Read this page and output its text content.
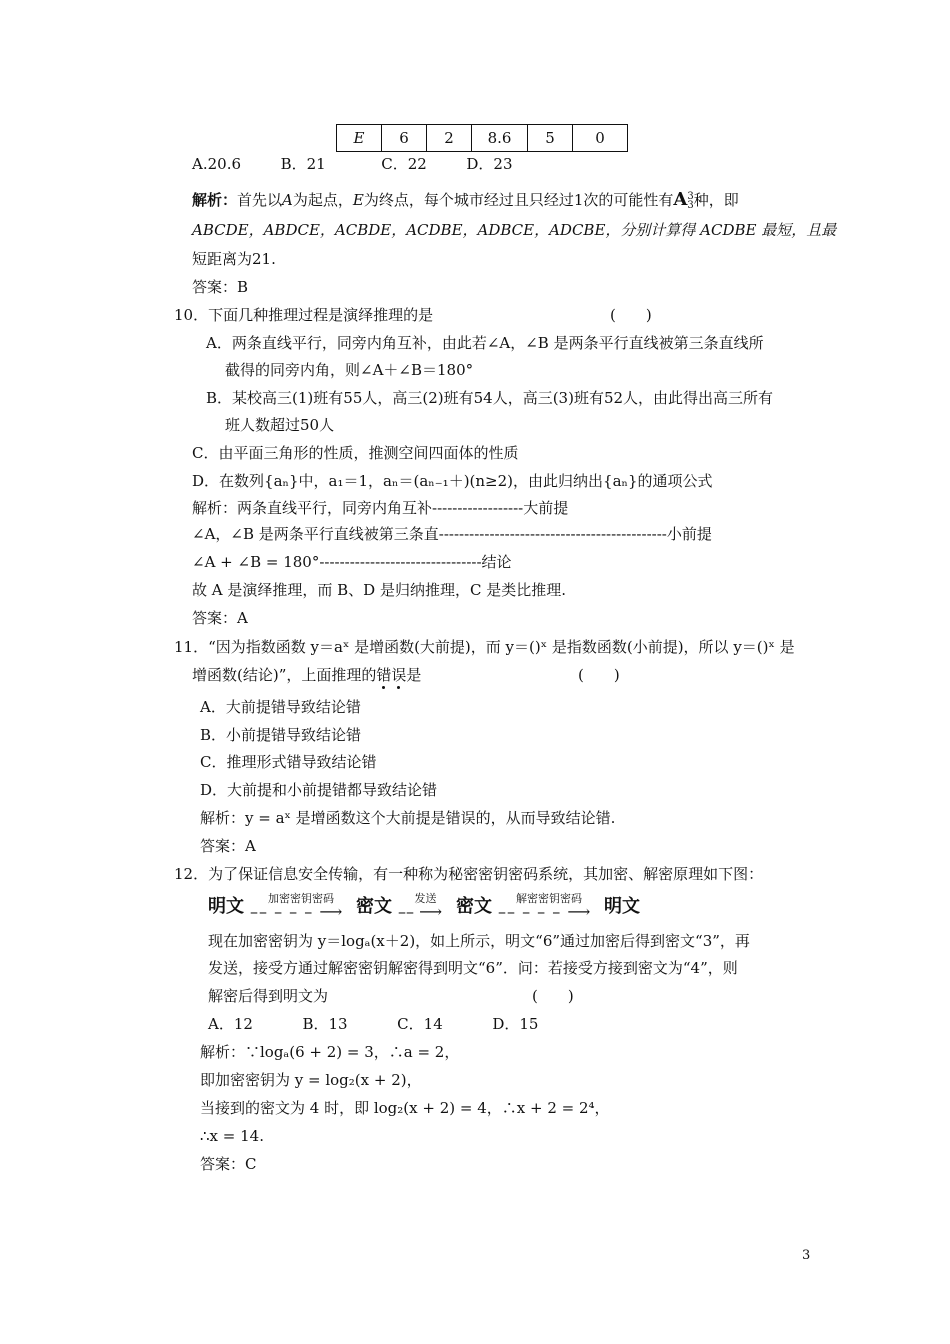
E	6	2	8.6	5	0
A.20.6	B．21	C．22	D．23
解析：首先以A为起点，E为终点，每个城市经过且只经过1次的可能性有A 3
3 种，即
ABCDE，ABDCE，ACBDE，ACDBE，ADBCE，ADCBE，分别计算得 ACDBE 最短，且最
短距离为21.
答案：B
10．下面几种推理过程是演绎推理的是	(　　)
A．两条直线平行，同旁内角互补，由此若∠A，∠B 是两条平行直线被第三条直线所
截得的同旁内角，则∠A＋∠B＝180°
B．某校高三(1)班有55人，高三(2)班有54人，高三(3)班有52人，由此得出高三所有
班人数超过50人
C．由平面三角形的性质，推测空间四面体的性质
D．在数列{aₙ}中，a₁＝1，aₙ＝(aₙ₋₁＋)(n≥2)，由此归纳出{aₙ}的通项公式
解析：两条直线平行，同旁内角互补------------------大前提
∠A，∠B 是两条平行直线被第三条直---------------------------------------------小前提
∠A + ∠B = 180°--------------------------------结论
故 A 是演绎推理，而 B、D 是归纳推理，C 是类比推理.
答案：A
11．“因为指数函数 y＝aˣ 是增函数(大前提)，而 y＝()ˣ 是指数函数(小前提)，所以 y＝()ˣ 是
增函数(结论)”，上面推理的错误是	(　　)
A．大前提错导致结论错
B．小前提错导致结论错
C．推理形式错导致结论错
D．大前提和小前提错都导致结论错
解析：y = aˣ 是增函数这个大前提是错误的，从而导致结论错.
答案：A
12．为了保证信息安全传输，有一种称为秘密密钥密码系统，其加密、解密原理如下图：
明文	加密密钥密码
–– – – – ⟶ 密文	发送
–– ⟶ 密文	解密密钥密码
–– – – – ⟶ 明文
现在加密密钥为 y＝logₐ(x＋2)，如上所示，明文“6”通过加密后得到密文“3”，再
发送，接受方通过解密密钥解密得到明文“6”．问：若接受方接到密文为“4”，则
解密后得到明文为	(　　)
A．12	B．13	C．14	D．15
解析：∵logₐ(6 + 2) = 3，∴a = 2，
即加密密钥为 y = log₂(x + 2)，
当接到的密文为 4 时，即 log₂(x + 2) = 4，∴x + 2 = 2⁴，
∴x = 14.
答案：C
3
